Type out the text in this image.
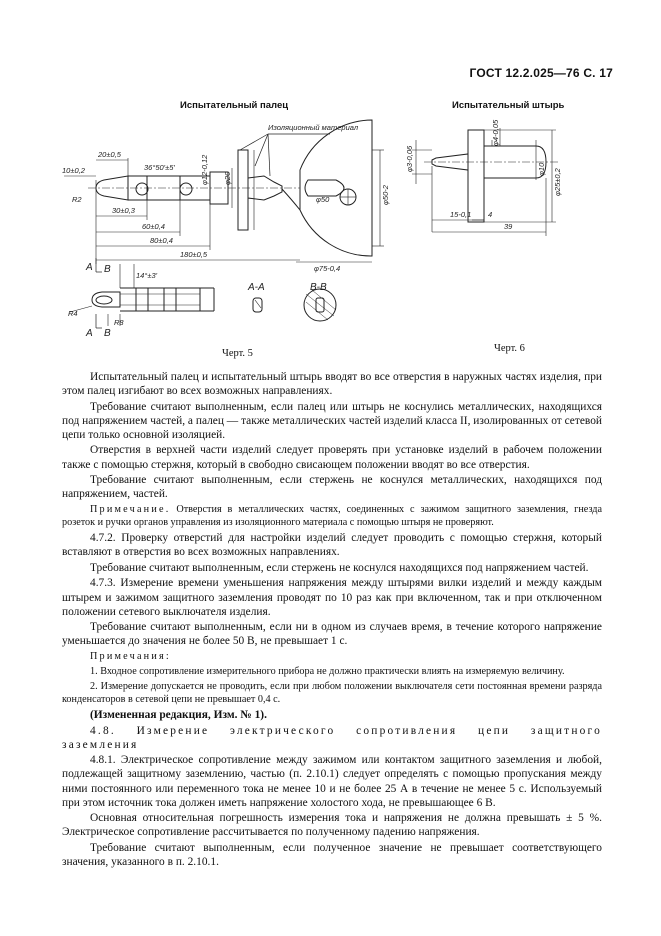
ГОСТ 12.2.025—76 С. 17
Испытательный палец	Испытательный штырь
Изоляционный материал
10±0,2
20±0,5
36°50'±5'	φ12-0,12 φ20
R2
30±0,3
60±0,4
80±0,4
180±0,5
φ50	φ50-2
φ75-0,4
А
А
В
В
14°±3'
R4
R8
А-А	В-В
φ3-0,06
φ4-0,05
φ10 φ25±0,2
15-0,1 4
39
Черт. 5	Черт. 6

Испытательный палец и испытательный штырь вводят во все отверстия в наружных частях изделия, при этом палец изгибают во всех возможных направлениях.

Требование считают выполненным, если палец или штырь не коснулись металлических, находящихся под напряжением частей, а палец — также металлических частей изделий класса II, изолированных от сетевой цепи только основной изоляцией.

Отверстия в верхней части изделий следует проверять при установке изделий в рабочем положении также с помощью стержня, который в свободно свисающем положении вводят во все отверстия.

Требование считают выполненным, если стержень не коснулся металлических, находящихся под напряжением, частей.

Примечание. Отверстия в металлических частях, соединенных с зажимом защитного заземления, гнезда розеток и ручки органов управления из изоляционного материала с помощью штыря не проверяют.

4.7.2. Проверку отверстий для настройки изделий следует проводить с помощью стержня, который вставляют в отверстия во всех возможных направлениях.

Требование считают выполненным, если стержень не коснулся находящихся под напряжением частей.

4.7.3. Измерение времени уменьшения напряжения между штырями вилки изделий и между каждым штырем и зажимом защитного заземления проводят по 10 раз как при включенном, так и при отключенном положении сетевого выключателя изделия.

Требование считают выполненным, если ни в одном из случаев время, в течение которого напряжение уменьшается до значения не более 50 В, не превышает 1 с.

Примечания:

1. Входное сопротивление измерительного прибора не должно практически влиять на измеряемую величину.

2. Измерение допускается не проводить, если при любом положении выключателя сети постоянная времени разряда конденсаторов в сетевой цепи не превышает 0,4 с.

(Измененная редакция, Изм. № 1).

4.8. Измерение электрического сопротивления цепи защитного заземления

4.8.1. Электрическое сопротивление между зажимом или контактом защитного заземления и любой, подлежащей защитному заземлению, частью (п. 2.10.1) следует определять с помощью пропускания между ними постоянного или переменного тока не менее 10 и не более 25 А в течение не менее 5 с. Используемый при этом источник тока должен иметь напряжение холостого хода, не превышающее 6 В.

Основная относительная погрешность измерения тока и напряжения не должна превышать ± 5 %. Электрическое сопротивление рассчитывается по полученному падению напряжения.

Требование считают выполненным, если полученное значение не превышает соответствующего значения, указанного в п. 2.10.1.
